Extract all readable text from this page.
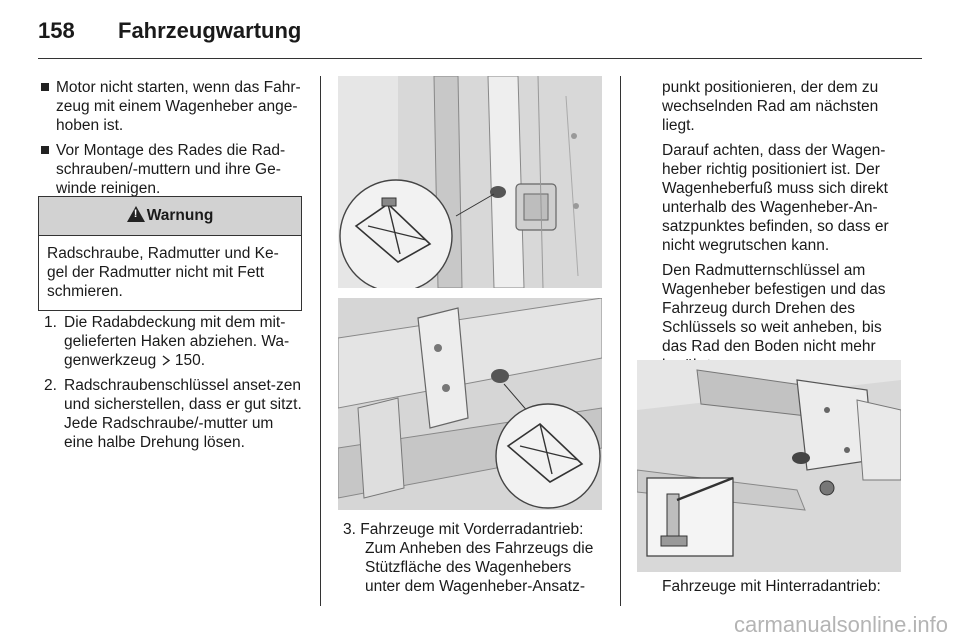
158 Fahrzeugwartung
Motor nicht starten, wenn das Fahr-zeug mit einem Wagenheber ange-hoben ist.
Vor Montage des Rades die Rad-schrauben/-muttern und ihre Ge-winde reinigen.
!Warnung
Radschraube, Radmutter und Ke-gel der Radmutter nicht mit Fett schmieren.
1. Die Radabdeckung mit dem mit-gelieferten Haken abziehen. Wa-genwerkzeug 150.
2. Radschraubenschlüssel anset-zen und sicherstellen, dass er gut sitzt. Jede Radschraube/-mutter um eine halbe Drehung lösen.
3. Fahrzeuge mit Vorderradantrieb:
Zum Anheben des Fahrzeugs die Stützfläche des Wagenhebers unter dem Wagenheber-Ansatz-

punkt positionieren, der dem zu wechselnden Rad am nächsten liegt.

Darauf achten, dass der Wagen-heber richtig positioniert ist. Der Wagenheberfuß muss sich direkt unterhalb des Wagenheber-An-satzpunktes befinden, so dass er nicht wegrutschen kann.

Den Radmutternschlüssel am Wagenheber befestigen und das Fahrzeug durch Drehen des Schlüssels so weit anheben, bis das Rad den Boden nicht mehr

Fahrzeuge mit Hinterradantrieb:
carmanualsonline.info
